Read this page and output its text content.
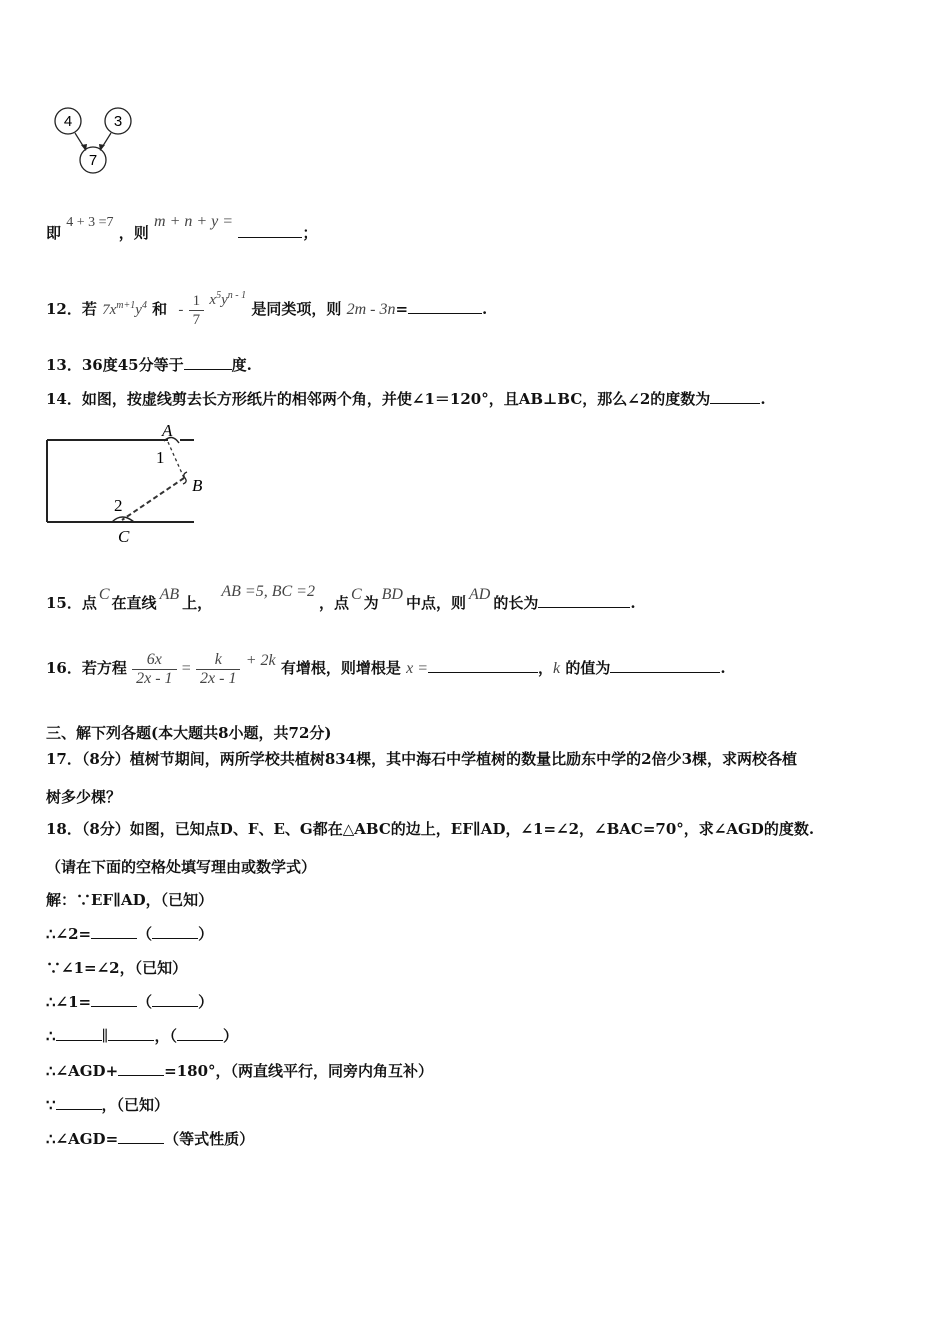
4	3
7
即 4 + 3 =7 ，则 m + n + y = ；
12．若 $7x^{m+1}y^4$ 和 - $\frac{1}{7} x^5y^{n - 1}$ 是同类项，则 2m - 3n=	.
13．36度45分等于	度.
14．如图，按虚线剪去长方形纸片的相邻两个角，并使∠1＝120°，且AB⊥BC，那么∠2的度数为	.
A
1
B
2
C
15．点 C 在直线 AB 上， AB =5, BC =2，点 C 为 BD 中点，则 AD 的长为	.
16．若方程 $\frac{6x}{2x - 1} = \frac{k}{2x - 1} + 2k$ 有增根，则增根是 x =	，k 的值为	.
三、解下列各题(本大题共8小题，共72分)
17．（8分）植树节期间，两所学校共植树834棵，其中海石中学植树的数量比励东中学的2倍少3棵，求两校各植
树多少棵？
18．（8分）如图，已知点D、F、E、G都在△ABC的边上，EF∥AD，∠1=∠2，∠BAC=70°，求∠AGD的度数.
（请在下面的空格处填写理由或数学式）
解：∵EF∥AD，（已知）
∴∠2=	（	）
∵∠1=∠2，（已知）
∴∠1=	（	）
∴	∥	，（	）
∴∠AGD+	=180°，（两直线平行，同旁内角互补）
∵	，（已知）
∴∠AGD=	（等式性质）
